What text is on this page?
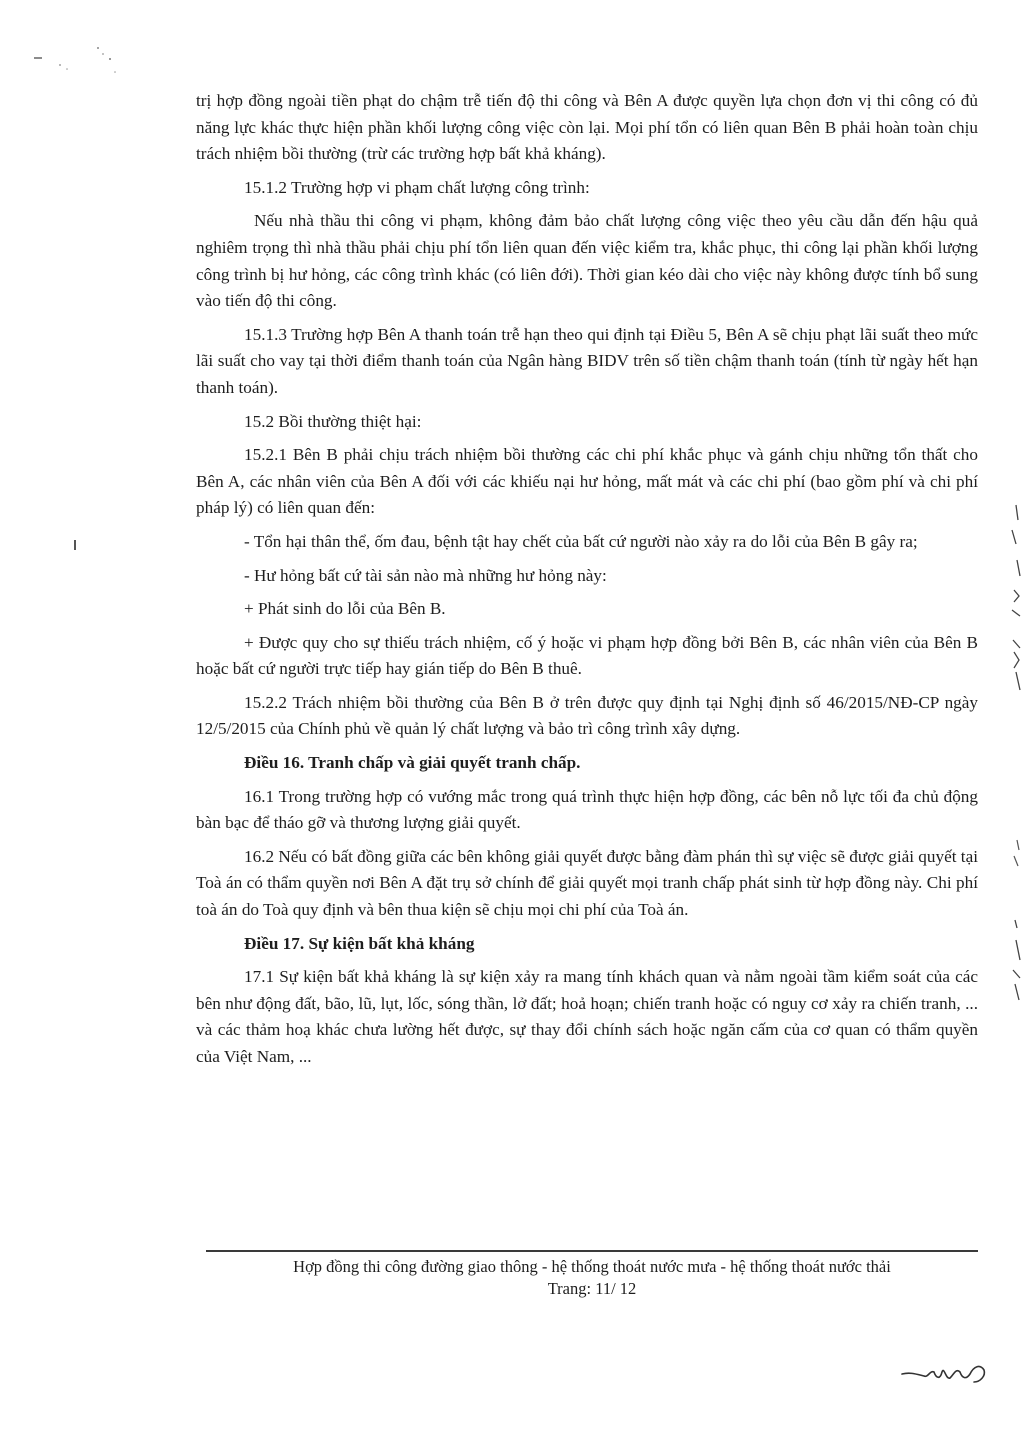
trị hợp đồng ngoài tiền phạt do chậm trễ tiến độ thi công và Bên A được quyền lựa chọn đơn vị thi công có đủ năng lực khác thực hiện phần khối lượng công việc còn lại. Mọi phí tổn có liên quan Bên B phải hoàn toàn chịu trách nhiệm bồi thường (trừ các trường hợp bất khả kháng).

15.1.2 Trường hợp vi phạm chất lượng công trình:

Nếu nhà thầu thi công vi phạm, không đảm bảo chất lượng công việc theo yêu cầu dẫn đến hậu quả nghiêm trọng thì nhà thầu phải chịu phí tổn liên quan đến việc kiểm tra, khắc phục, thi công lại phần khối lượng công trình bị hư hỏng, các công trình khác (có liên đới). Thời gian kéo dài cho việc này không được tính bổ sung vào tiến độ thi công.

15.1.3 Trường hợp Bên A thanh toán trễ hạn theo qui định tại Điều 5, Bên A sẽ chịu phạt lãi suất theo mức lãi suất cho vay tại thời điểm thanh toán của Ngân hàng BIDV trên số tiền chậm thanh toán (tính từ ngày hết hạn thanh toán).

15.2 Bồi thường thiệt hại:

15.2.1 Bên B phải chịu trách nhiệm bồi thường các chi phí khắc phục và gánh chịu những tổn thất cho Bên A, các nhân viên của Bên A đối với các khiếu nại hư hỏng, mất mát và các chi phí (bao gồm phí và chi phí pháp lý) có liên quan đến:

- Tổn hại thân thể, ốm đau, bệnh tật hay chết của bất cứ người nào xảy ra do lỗi của Bên B gây ra;

- Hư hỏng bất cứ tài sản nào mà những hư hỏng này:

+ Phát sinh do lỗi của Bên B.

+ Được quy cho sự thiếu trách nhiệm, cố ý hoặc vi phạm hợp đồng bởi Bên B, các nhân viên của Bên B hoặc bất cứ người trực tiếp hay gián tiếp do Bên B thuê.

15.2.2 Trách nhiệm bồi thường của Bên B ở trên được quy định tại Nghị định số 46/2015/NĐ-CP ngày 12/5/2015 của Chính phủ về quản lý chất lượng và bảo trì công trình xây dựng.

Điều 16. Tranh chấp và giải quyết tranh chấp.

16.1 Trong trường hợp có vướng mắc trong quá trình thực hiện hợp đồng, các bên nỗ lực tối đa chủ động bàn bạc để tháo gỡ và thương lượng giải quyết.

16.2 Nếu có bất đồng giữa các bên không giải quyết được bằng đàm phán thì sự việc sẽ được giải quyết tại Toà án có thẩm quyền nơi Bên A đặt trụ sở chính để giải quyết mọi tranh chấp phát sinh từ hợp đồng này. Chi phí toà án do Toà quy định và bên thua kiện sẽ chịu mọi chi phí của Toà án.

Điều 17. Sự kiện bất khả kháng

17.1 Sự kiện bất khả kháng là sự kiện xảy ra mang tính khách quan và nằm ngoài tầm kiểm soát của các bên như động đất, bão, lũ, lụt, lốc, sóng thần, lở đất; hoả hoạn; chiến tranh hoặc có nguy cơ xảy ra chiến tranh, ... và các thảm hoạ khác chưa lường hết được, sự thay đổi chính sách hoặc ngăn cấm của cơ quan có thẩm quyền của Việt Nam, ...

Hợp đồng thi công đường giao thông - hệ thống thoát nước mưa - hệ thống thoát nước thải
Trang: 11/ 12
